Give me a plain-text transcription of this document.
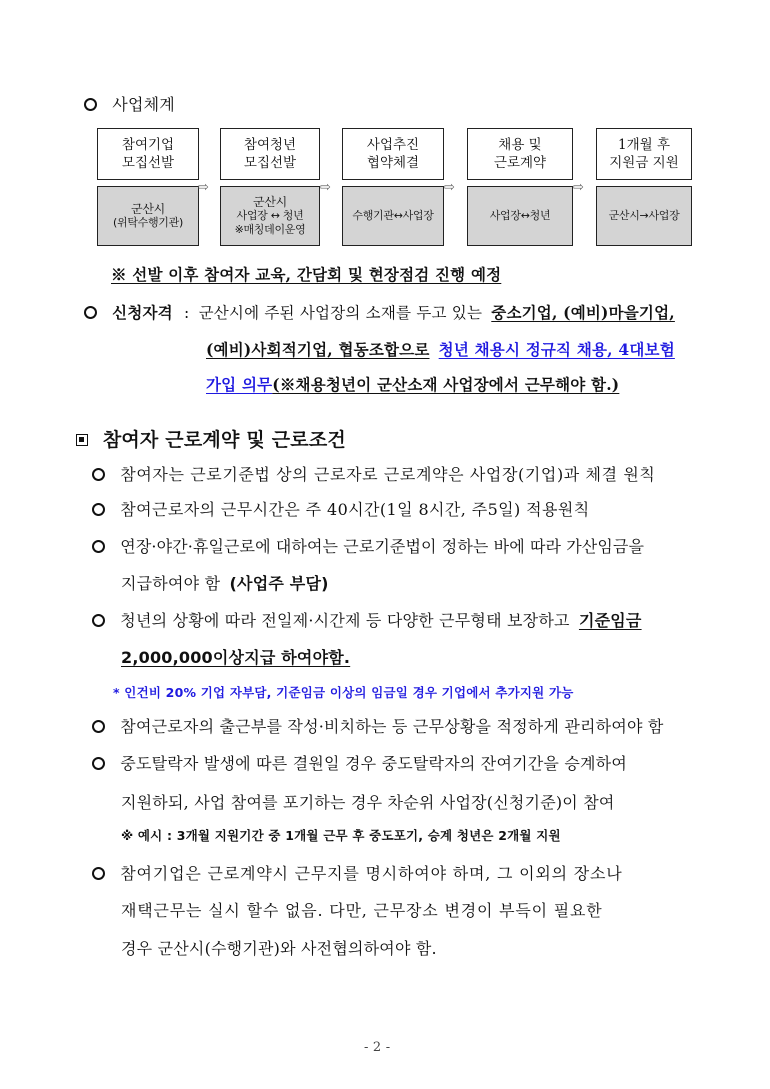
사업체계
참여기업
모집선발
군산시
(위탁수행기관)
⇨
참여청년
모집선발
군산시
사업장 ↔ 청년
※매칭데이운영
⇨
사업추진
협약체결
수행기관↔사업장
⇨
채용 및
근로계약
사업장↔청년
⇨
1개월 후
지원금 지원
군산시→사업장
※ 선발 이후 참여자 교육, 간담회 및 현장점검 진행 예정
신청자격 : 군산시에 주된 사업장의 소재를 두고 있는 중소기업, (예비)마을기업,
(예비)사회적기업, 협동조합으로 청년 채용시 정규직 채용, 4대보험
가입 의무(※채용청년이 군산소재 사업장에서 근무해야 함.)
참여자 근로계약 및 근로조건
참여자는 근로기준법 상의 근로자로 근로계약은 사업장(기업)과 체결 원칙
참여근로자의 근무시간은 주 40시간(1일 8시간, 주5일) 적용원칙
연장·야간·휴일근로에 대하여는 근로기준법이 정하는 바에 따라 가산임금을
지급하여야 함 (사업주 부담)
청년의 상황에 따라 전일제·시간제 등 다양한 근무형태 보장하고 기준임금
2,000,000이상지급 하여야함.
* 인건비 20% 기업 자부담, 기준임금 이상의 임금일 경우 기업에서 추가지원 가능
참여근로자의 출근부를 작성·비치하는 등 근무상황을 적정하게 관리하여야 함
중도탈락자 발생에 따른 결원일 경우 중도탈락자의 잔여기간을 승계하여
지원하되, 사업 참여를 포기하는 경우 차순위 사업장(신청기준)이 참여
※ 예시 : 3개월 지원기간 중 1개월 근무 후 중도포기, 승계 청년은 2개월 지원
참여기업은 근로계약시 근무지를 명시하여야 하며, 그 이외의 장소나
재택근무는 실시 할수 없음. 다만, 근무장소 변경이 부득이 필요한
경우 군산시(수행기관)와 사전협의하여야 함.
- 2 -
